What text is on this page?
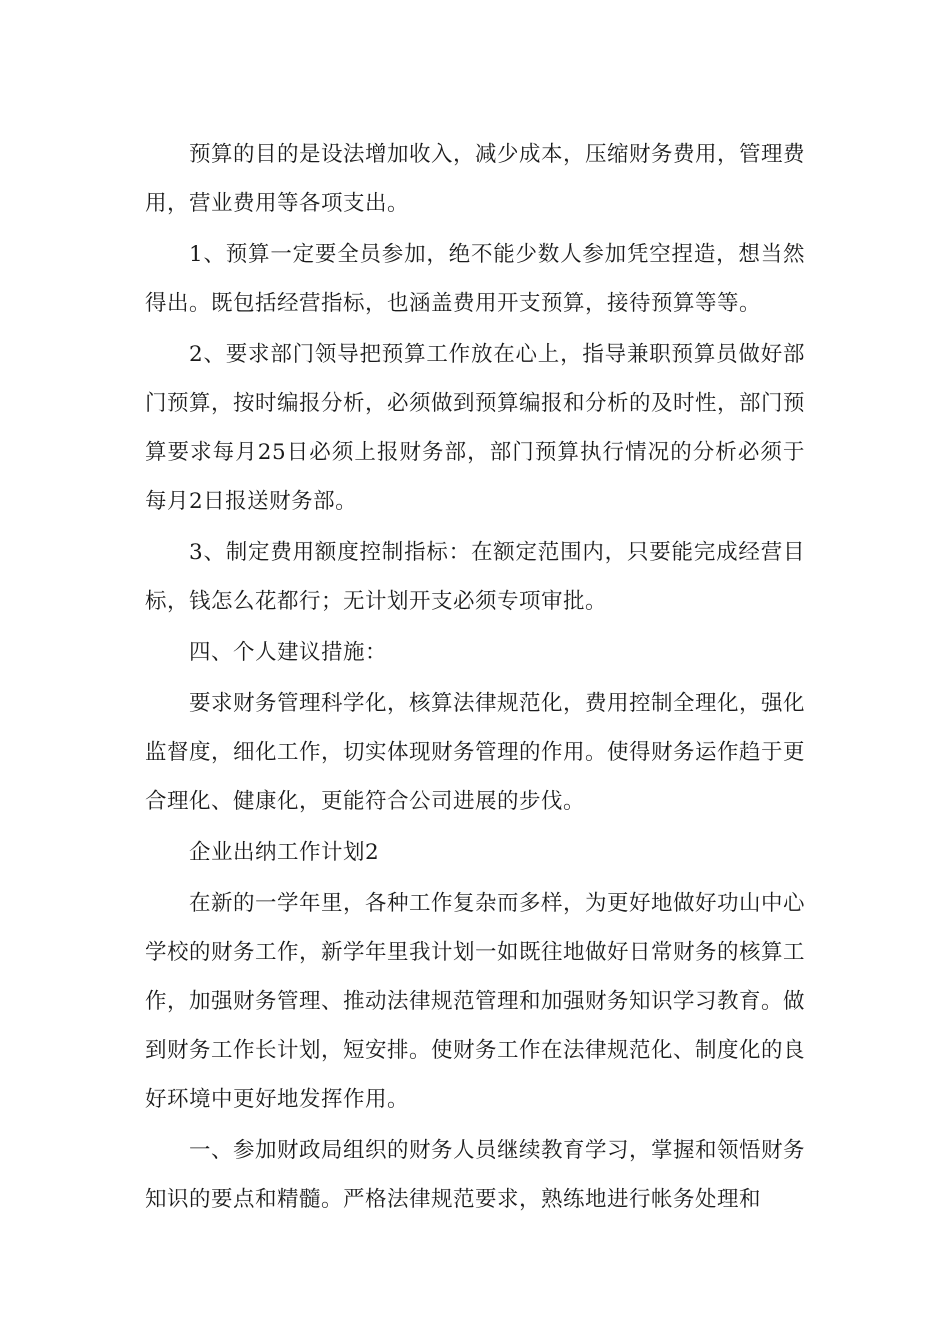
预算的目的是设法增加收入，减少成本，压缩财务费用，管理费用，营业费用等各项支出。

1、预算一定要全员参加，绝不能少数人参加凭空捏造，想当然得出。既包括经营指标，也涵盖费用开支预算，接待预算等等。

2、要求部门领导把预算工作放在心上，指导兼职预算员做好部门预算，按时编报分析，必须做到预算编报和分析的及时性，部门预算要求每月25日必须上报财务部，部门预算执行情况的分析必须于每月2日报送财务部。

3、制定费用额度控制指标：在额定范围内，只要能完成经营目标，钱怎么花都行；无计划开支必须专项审批。

四、个人建议措施：

要求财务管理科学化，核算法律规范化，费用控制全理化，强化监督度，细化工作，切实体现财务管理的作用。使得财务运作趋于更合理化、健康化，更能符合公司进展的步伐。

企业出纳工作计划2

在新的一学年里，各种工作复杂而多样，为更好地做好功山中心学校的财务工作，新学年里我计划一如既往地做好日常财务的核算工作，加强财务管理、推动法律规范管理和加强财务知识学习教育。做到财务工作长计划，短安排。使财务工作在法律规范化、制度化的良好环境中更好地发挥作用。

一、参加财政局组织的财务人员继续教育学习，掌握和领悟财务知识的要点和精髓。严格法律规范要求，熟练地进行帐务处理和
